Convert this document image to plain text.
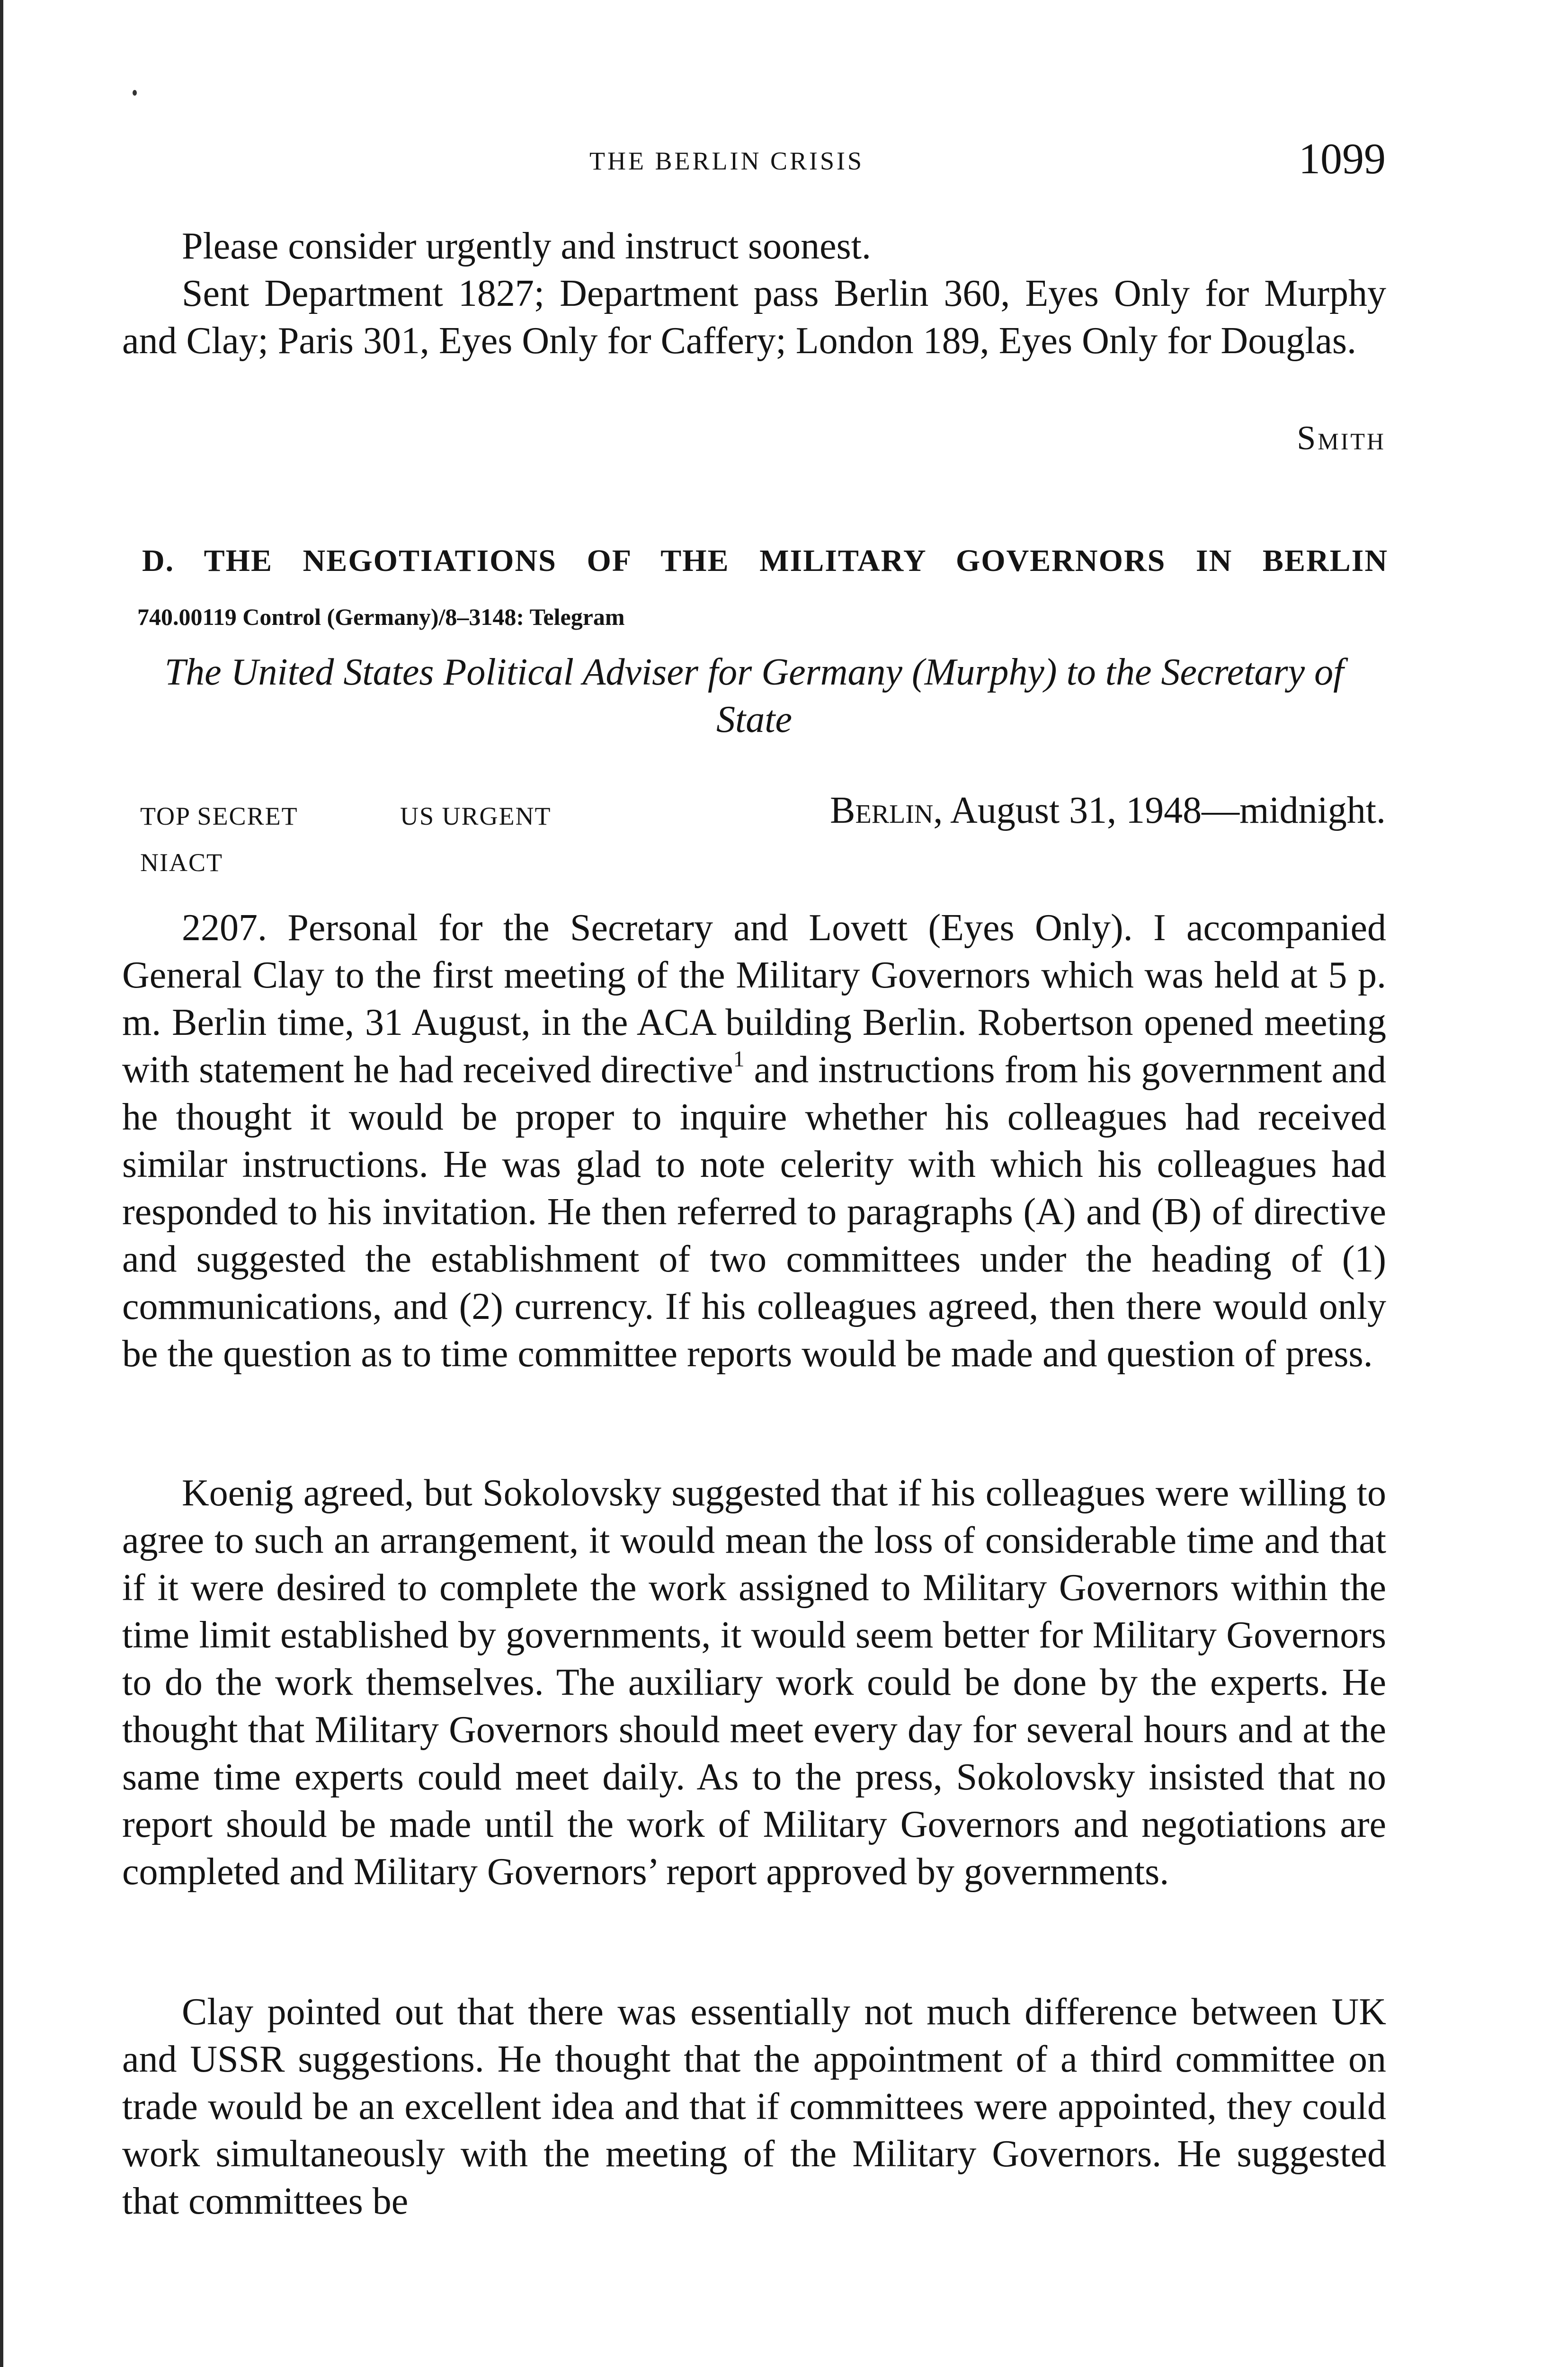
THE BERLIN CRISIS	1099

Please consider urgently and instruct soonest.

Sent Department 1827; Department pass Berlin 360, Eyes Only for Murphy and Clay; Paris 301, Eyes Only for Caffery; London 189, Eyes Only for Douglas.

Smith
D. THE NEGOTIATIONS OF THE MILITARY GOVERNORS IN BERLIN
740.00119 Control (Germany)/8–3148: Telegram
The United States Political Adviser for Germany (Murphy) to the Secretary of State
TOP SECRET	US URGENT	Berlin, August 31, 1948—midnight.
NIACT

2207. Personal for the Secretary and Lovett (Eyes Only). I accompanied General Clay to the first meeting of the Military Governors which was held at 5 p. m. Berlin time, 31 August, in the ACA building Berlin. Robertson opened meeting with statement he had received directive$^1$ and instructions from his government and he thought it would be proper to inquire whether his colleagues had received similar instructions. He was glad to note celerity with which his colleagues had responded to his invitation. He then referred to paragraphs (A) and (B) of directive and suggested the establishment of two committees under the heading of (1) communications, and (2) currency. If his colleagues agreed, then there would only be the question as to time committee reports would be made and question of press.

Koenig agreed, but Sokolovsky suggested that if his colleagues were willing to agree to such an arrangement, it would mean the loss of considerable time and that if it were desired to complete the work assigned to Military Governors within the time limit established by governments, it would seem better for Military Governors to do the work themselves. The auxiliary work could be done by the experts. He thought that Military Governors should meet every day for several hours and at the same time experts could meet daily. As to the press, Sokolovsky insisted that no report should be made until the work of Military Governors and negotiations are completed and Military Governors’ report approved by governments.

Clay pointed out that there was essentially not much difference between UK and USSR suggestions. He thought that the appointment of a third committee on trade would be an excellent idea and that if committees were appointed, they could work simultaneously with the meeting of the Military Governors. He suggested that committees be
